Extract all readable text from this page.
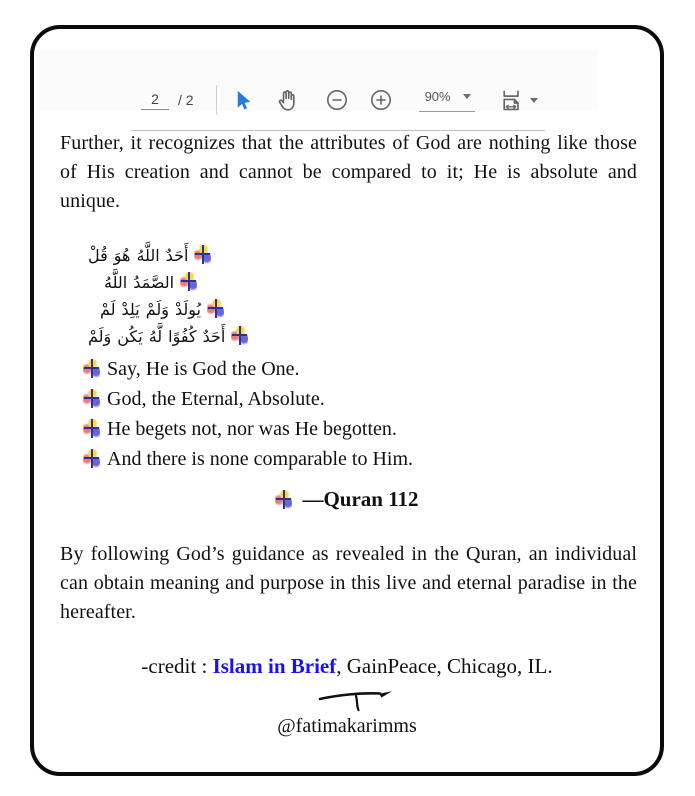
2	/ 2	90%

Further, it recognizes that the attributes of God are nothing like those of His creation and cannot be compared to it; He is absolute and unique.

قُلْ هُوَ اللَّهُ أَحَدٌ
اللَّهُ الصَّمَدُ
لَمْ يَلِدْ وَلَمْ يُولَدْ
وَلَمْ يَكُن لَّهُ كُفُوًا أَحَدٌ
Say, He is God the One.
God, the Eternal, Absolute.
He begets not, nor was He begotten.
And there is none comparable to Him.
—Quran 112

By following God’s guidance as revealed in the Quran, an individual can obtain meaning and purpose in this live and eternal paradise in the hereafter.

-credit : Islam in Brief, GainPeace, Chicago, IL.
@fatimakarimms
